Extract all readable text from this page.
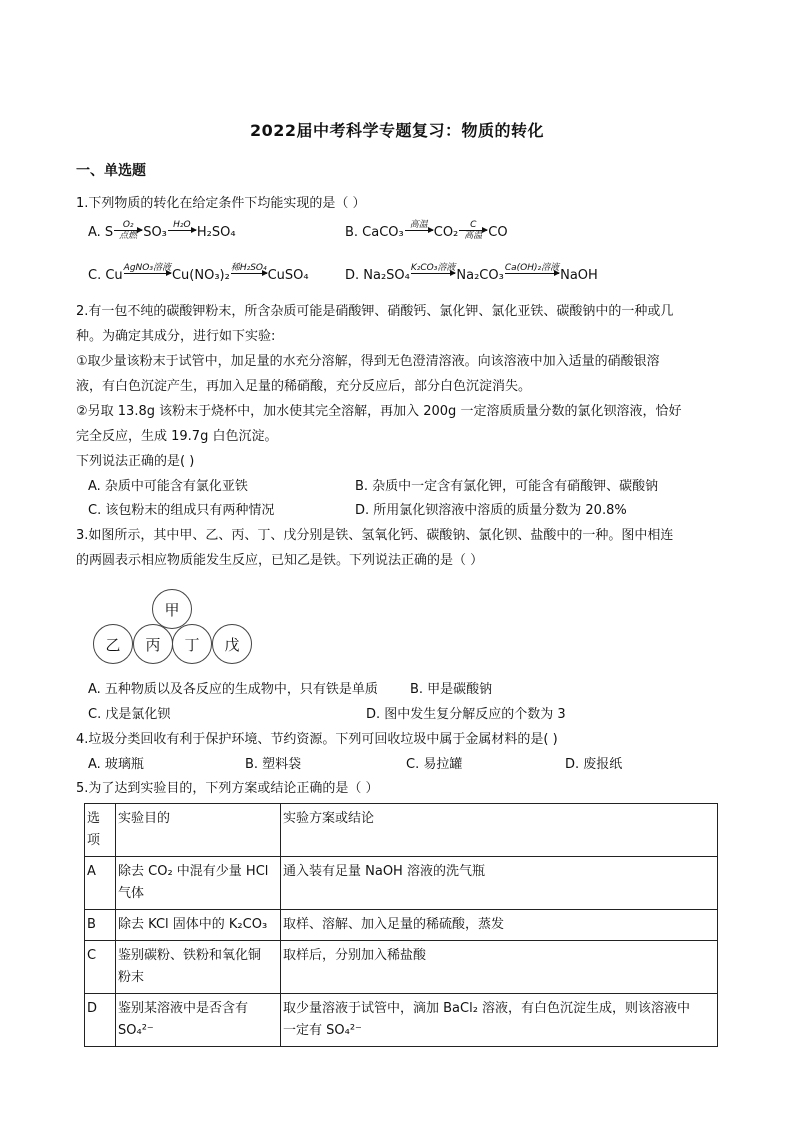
2022届中考科学专题复习：物质的转化
一、单选题
1.下列物质的转化在给定条件下均能实现的是（ ）
A. S O₂
点燃 SO₃ H₂O H₂SO₄	B. CaCO₃ 高温 CO₂ C
高温 CO
C. Cu AgNO₃溶液 Cu(NO₃)₂ 稀H₂SO₄ CuSO₄	D. Na₂SO₄ K₂CO₃溶液 Na₂CO₃ Ca(OH)₂溶液 NaOH
2.有一包不纯的碳酸钾粉末，所含杂质可能是硝酸钾、硝酸钙、氯化钾、氯化亚铁、碳酸钠中的一种或几
种。为确定其成分，进行如下实验:
①取少量该粉末于试管中，加足量的水充分溶解，得到无色澄清溶液。向该溶液中加入适量的硝酸银溶
液，有白色沉淀产生，再加入足量的稀硝酸，充分反应后，部分白色沉淀消失。
②另取 13.8g 该粉末于烧杯中，加水使其完全溶解，再加入 200g 一定溶质质量分数的氯化钡溶液，恰好
完全反应，生成 19.7g 白色沉淀。
下列说法正确的是( )
A. 杂质中可能含有氯化亚铁	B. 杂质中一定含有氯化钾，可能含有硝酸钾、碳酸钠
C. 该包粉末的组成只有两种情况	D. 所用氯化钡溶液中溶质的质量分数为 20.8%
3.如图所示，其中甲、乙、丙、丁、戊分别是铁、氢氧化钙、碳酸钠、氯化钡、盐酸中的一种。图中相连
的两圆表示相应物质能发生反应，已知乙是铁。下列说法正确的是（ ）
甲
乙	丙	丁	戊
A. 五种物质以及各反应的生成物中，只有铁是单质 B. 甲是碳酸钠
C. 戊是氯化钡	D. 图中发生复分解反应的个数为 3
4.垃圾分类回收有利于保护环境、节约资源。下列可回收垃圾中属于金属材料的是( )
A. 玻璃瓶	B. 塑料袋	C. 易拉罐	D. 废报纸
5.为了达到实验目的，下列方案或结论正确的是（ ）
选
项	实验目的	实验方案或结论
A	除去 CO₂ 中混有少量 HCl
气体	通入装有足量 NaOH 溶液的洗气瓶
B	除去 KCl 固体中的 K₂CO₃	取样、溶解、加入足量的稀硫酸，蒸发
C	鉴别碳粉、铁粉和氧化铜
粉末	取样后，分别加入稀盐酸
D	鉴别某溶液中是否含有
SO₄²⁻	取少量溶液于试管中，滴加 BaCl₂ 溶液，有白色沉淀生成，则该溶液中
一定有 SO₄²⁻
